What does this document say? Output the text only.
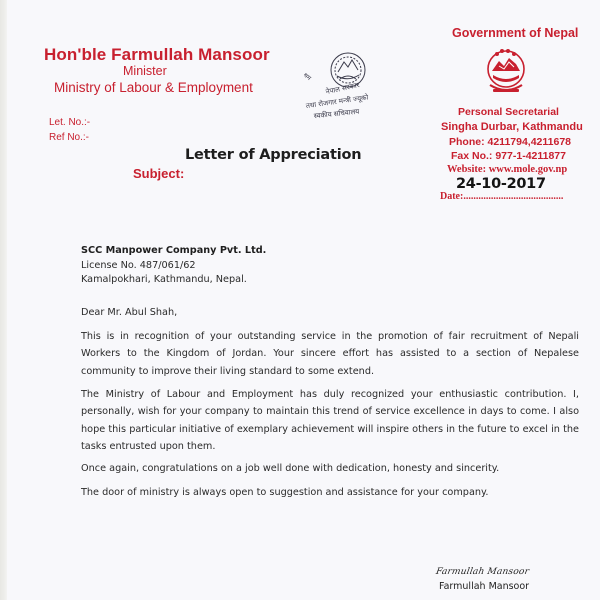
Hon'ble Farmullah Mansoor
Minister
Ministry of Labour & Employment
Let. No.:-
Ref No.:-
नेपाल सरकार
श्रम
तथा रोजगार मन्त्री ज्यूको
स्वकीय सचिवालय
Government of Nepal
Personal Secretarial
Singha Durbar, Kathmandu
Phone: 4211794,4211678
Fax No.: 977-1-4211877
Website: www.mole.gov.np
24-10-2017
Date:........................................
Letter of Appreciation
Subject:
SCC Manpower Company Pvt. Ltd.
License No. 487/061/62
Kamalpokhari, Kathmandu, Nepal.
Dear Mr. Abul Shah,

This is in recognition of your outstanding service in the promotion of fair recruitment of Nepali Workers to the Kingdom of Jordan. Your sincere effort has assisted to a section of Nepalese community to improve their living standard to some extend.

The Ministry of Labour and Employment has duly recognized your enthusiastic contribution. I, personally, wish for your company to maintain this trend of service excellence in days to come. I also hope this particular initiative of exemplary achievement will inspire others in the future to excel in the tasks entrusted upon them.

Once again, congratulations on a job well done with dedication, honesty and sincerity.

The door of ministry is always open to suggestion and assistance for your company.

Farmullah Mansoor
Farmullah Mansoor
